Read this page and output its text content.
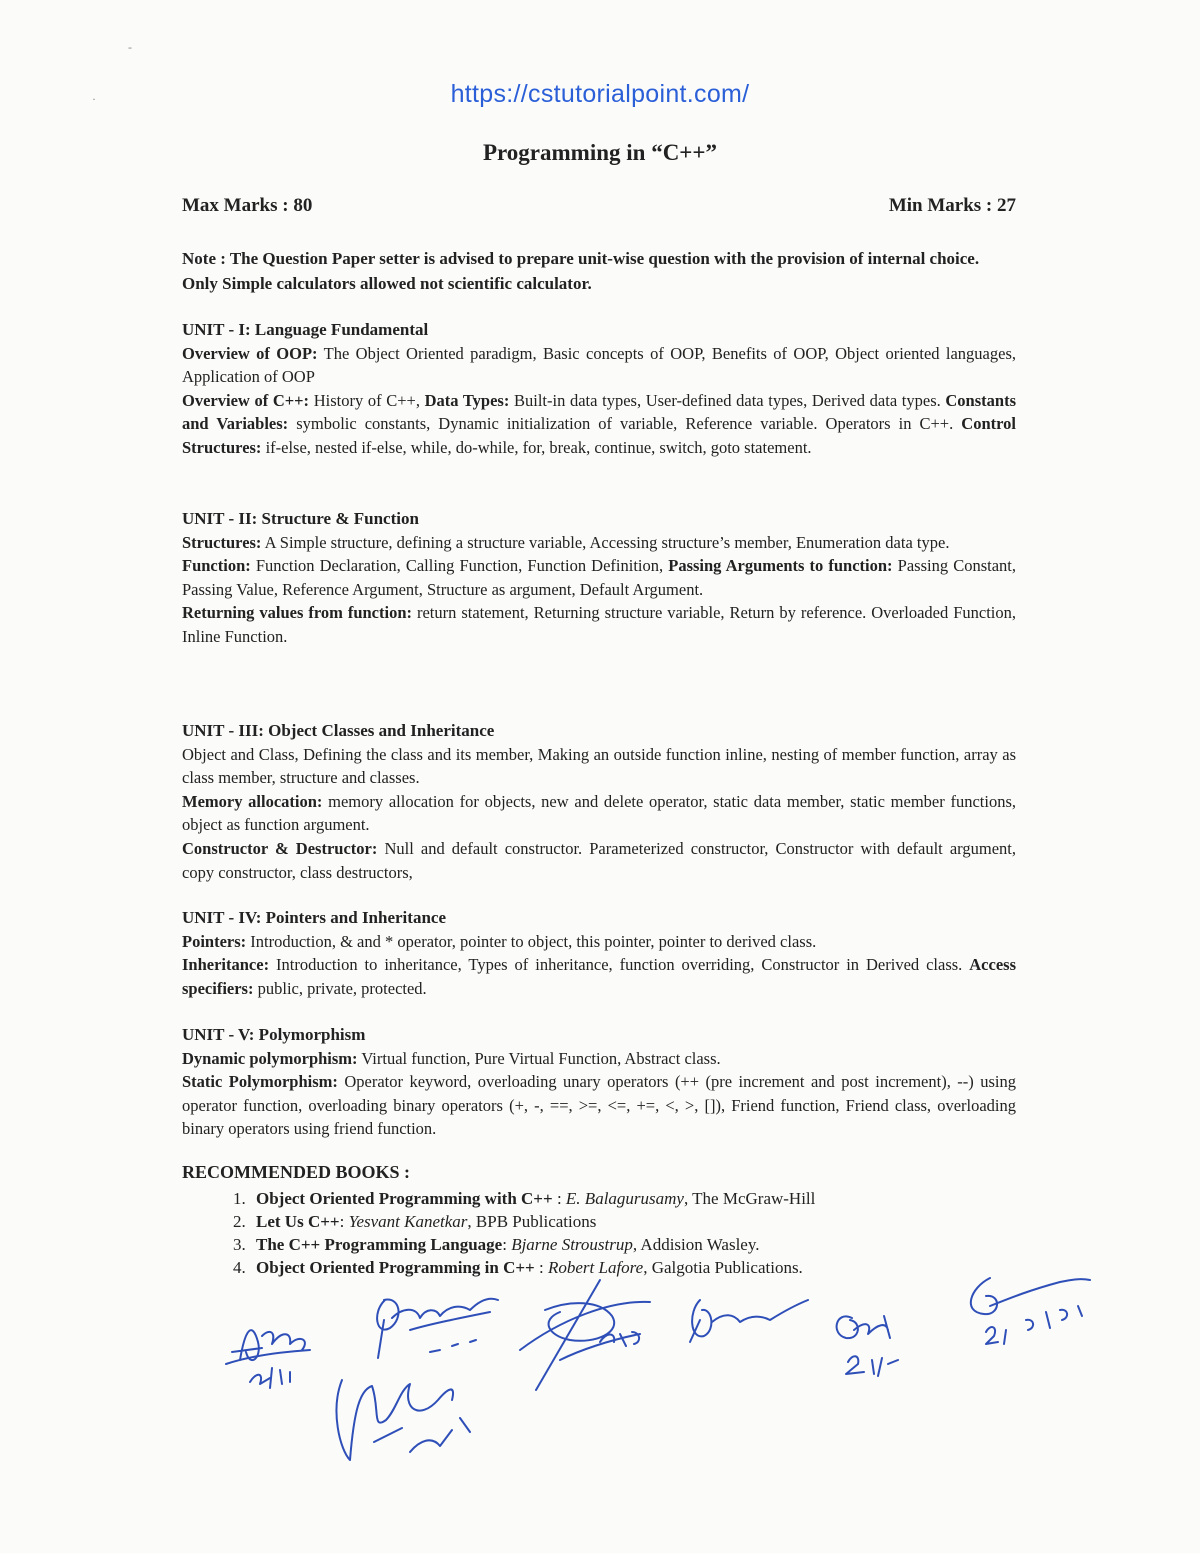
-
·	https://cstutorialpoint.com/
Programming in “C++”
Max Marks : 80	Min Marks : 27
Note : The Question Paper setter is advised to prepare unit-wise question with the provision of internal choice. Only Simple calculators allowed not scientific calculator.
UNIT - I: Language Fundamental

Overview of OOP: The Object Oriented paradigm, Basic concepts of OOP, Benefits of OOP, Object oriented languages, Application of OOP

Overview of C++: History of C++, Data Types: Built-in data types, User-defined data types, Derived data types. Constants and Variables: symbolic constants, Dynamic initialization of variable, Reference variable. Operators in C++. Control Structures: if-else, nested if-else, while, do-while, for, break, continue, switch, goto statement.

UNIT - II: Structure & Function

Structures: A Simple structure, defining a structure variable, Accessing structure’s member, Enumeration data type.

Function: Function Declaration, Calling Function, Function Definition, Passing Arguments to function: Passing Constant, Passing Value, Reference Argument, Structure as argument, Default Argument.

Returning values from function: return statement, Returning structure variable, Return by reference. Overloaded Function, Inline Function.

UNIT - III: Object Classes and Inheritance

Object and Class, Defining the class and its member, Making an outside function inline, nesting of member function, array as class member, structure and classes.

Memory allocation: memory allocation for objects, new and delete operator, static data member, static member functions, object as function argument.

Constructor & Destructor: Null and default constructor. Parameterized constructor, Constructor with default argument, copy constructor, class destructors,

UNIT - IV: Pointers and Inheritance

Pointers: Introduction, & and * operator, pointer to object, this pointer, pointer to derived class.

Inheritance: Introduction to inheritance, Types of inheritance, function overriding, Constructor in Derived class. Access specifiers: public, private, protected.

UNIT - V: Polymorphism

Dynamic polymorphism: Virtual function, Pure Virtual Function, Abstract class.

Static Polymorphism: Operator keyword, overloading unary operators (++ (pre increment and post increment), --) using operator function, overloading binary operators (+, -, ==, >=, <=, +=, <, >, []), Friend function, Friend class, overloading binary operators using friend function.

RECOMMENDED BOOKS :
1. Object Oriented Programming with C++ : E. Balagurusamy, The McGraw-Hill
2. Let Us C++: Yesvant Kanetkar, BPB Publications
3. The C++ Programming Language: Bjarne Stroustrup, Addision Wasley.
4. Object Oriented Programming in C++ : Robert Lafore, Galgotia Publications.
